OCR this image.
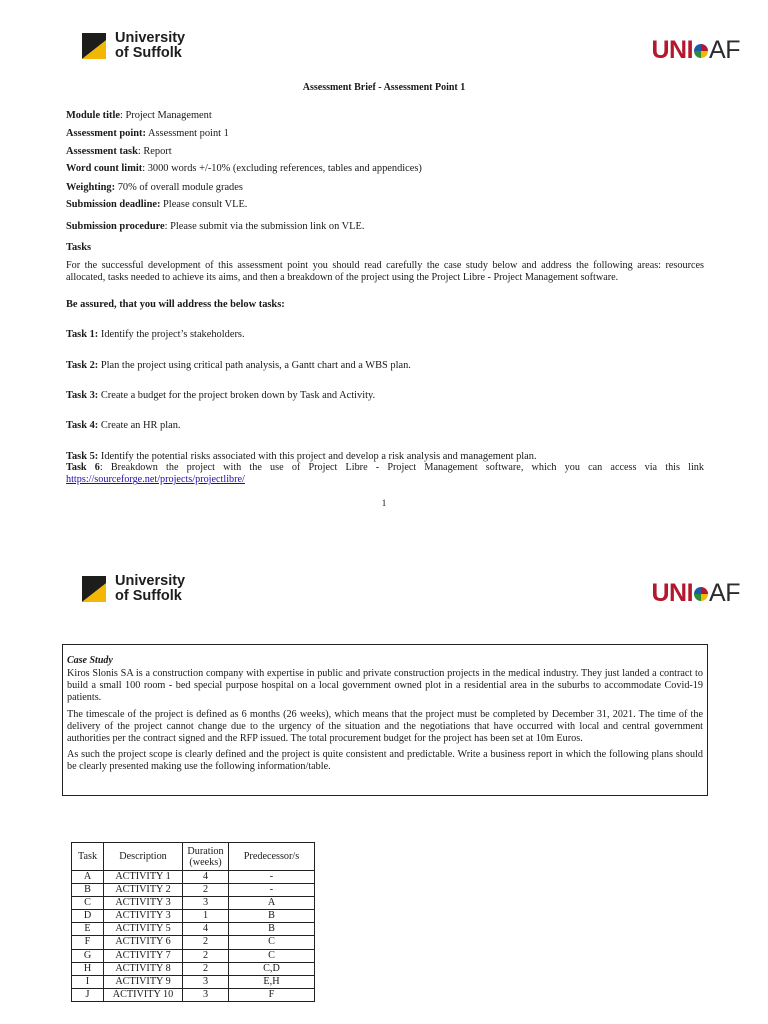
University
of Suffolk	UNI AF
Assessment Brief - Assessment Point 1
Module title: Project Management
Assessment point: Assessment point 1
Assessment task: Report
Word count limit: 3000 words +/-10% (excluding references, tables and appendices)
Weighting: 70% of overall module grades
Submission deadline: Please consult VLE.
Submission procedure: Please submit via the submission link on VLE.
Tasks
For the successful development of this assessment point you should read carefully the case study below and address the following areas: resources allocated, tasks needed to achieve its aims, and then a breakdown of the project using the Project Libre - Project Management software.
Be assured, that you will address the below tasks:
Task 1: Identify the project’s stakeholders.
Task 2: Plan the project using critical path analysis, a Gantt chart and a WBS plan.
Task 3: Create a budget for the project broken down by Task and Activity.
Task 4: Create an HR plan.
Task 5: Identify the potential risks associated with this project and develop a risk analysis and management plan.
Task 6: Breakdown the project with the use of Project Libre - Project Management software, which you can access via this link https://sourceforge.net/projects/projectlibre/
1
University
of Suffolk	UNI AF
Case Study

Kiros Slonis SA is a construction company with expertise in public and private construction projects in the medical industry. They just landed a contract to build a small 100 room - bed special purpose hospital on a local government owned plot in a residential area in the suburbs to accommodate Covid-19 patients.

The timescale of the project is defined as 6 months (26 weeks), which means that the project must be completed by December 31, 2021. The time of the delivery of the project cannot change due to the urgency of the situation and the negotiations that have occurred with local and central government authorities per the contract signed and the RFP issued. The total procurement budget for the project has been set at 10m Euros.

As such the project scope is clearly defined and the project is quite consistent and predictable. Write a business report in which the following plans should be clearly presented making use the following information/table.

Task	Description	Duration (weeks)	Predecessor/s
A	ACTIVITY 1	4	-
B	ACTIVITY 2	2	-
C	ACTIVITY 3	3	A
D	ACTIVITY 3	1	B
E	ACTIVITY 5	4	B
F	ACTIVITY 6	2	C
G	ACTIVITY 7	2	C
H	ACTIVITY 8	2	C,D
I	ACTIVITY 9	3	E,H
J	ACTIVITY 10	3	F
